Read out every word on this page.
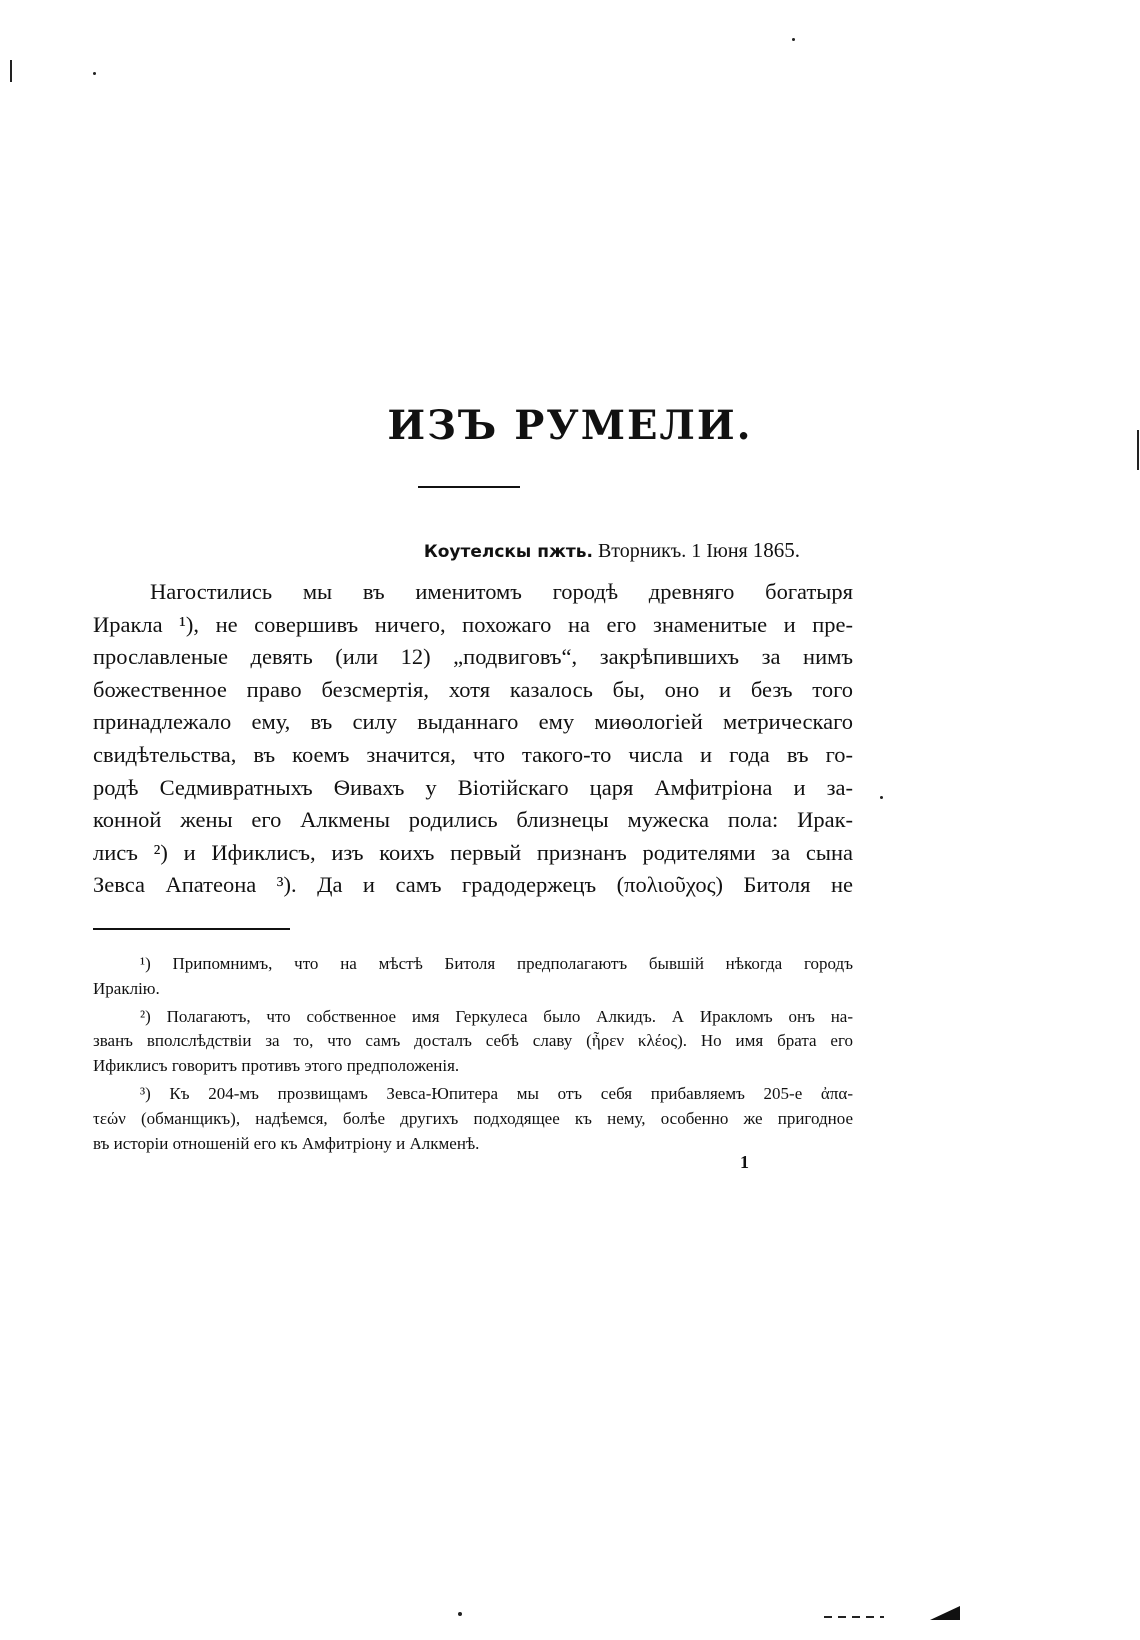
ИЗЪ РУМЕЛИ.
Коутелскы пжть. Вторникъ. 1 Іюня 1865.
Нагостились мы въ именитомъ городѣ древняго богатыря
Иракла ¹), не совершивъ ничего, похожаго на его знаменитые и пре-
прославленые девять (или 12) „подвиговъ“, закрѣпившихъ за нимъ
божественное право безсмертія, хотя казалось бы, оно и безъ того
принадлежало ему, въ силу выданнаго ему миѳологіей метрическаго
свидѣтельства, въ коемъ значится, что такого-то числа и года въ го-
родѣ Седмивратныхъ Ѳивахъ у Віотійскаго царя Амфитріона и за-
конной жены его Алкмены родились близнецы мужеска пола: Ирак-
лисъ ²) и Ификлисъ, изъ коихъ первый признанъ родителями за сына
Зевса Апатеона ³). Да и самъ градодержецъ (πολιοῦχος) Битоля не
¹) Припомнимъ, что на мѣстѣ Битоля предполагаютъ бывшій нѣкогда городъ
Ираклію.
²) Полагаютъ, что собственное имя Геркулеса было Алкидъ. А Иракломъ онъ на-
званъ вполслѣдствіи за то, что самъ досталъ себѣ славу (ἦρεν κλέος). Но имя брата его
Ификлисъ говоритъ противъ этого предположенія.
³) Къ 204-мъ прозвищамъ Зевса-Юпитера мы отъ себя прибавляемъ 205-е ἀπα-
τεών (обманщикъ), надѣемся, болѣе другихъ подходящее къ нему, особенно же пригодное
въ исторіи отношеній его къ Амфитріону и Алкменѣ.
1
